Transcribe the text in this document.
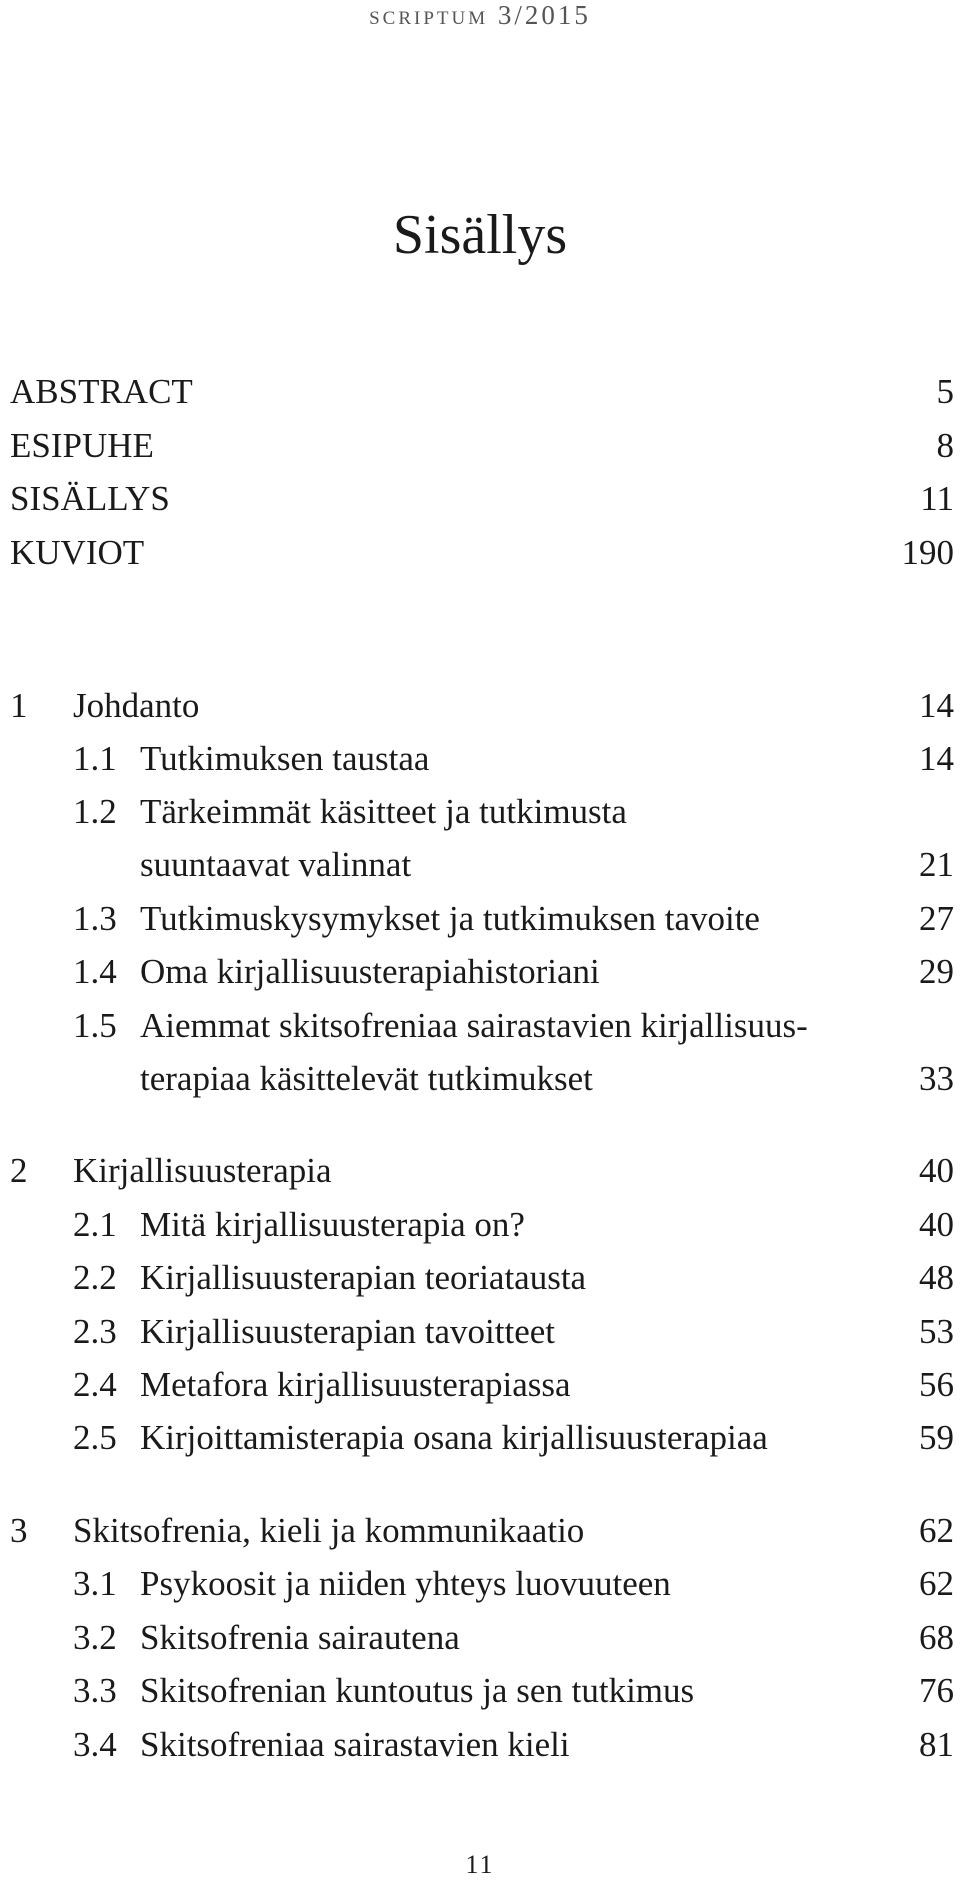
scriptum 3/2015
Sisällys
ABSTRACT	5
ESIPUHE	8
SISÄLLYS	11
KUVIOT	190
1 Johdanto	14
1.1 Tutkimuksen taustaa	14
1.2 Tärkeimmät käsitteet ja tutkimusta
suuntaavat valinnat	21
1.3 Tutkimuskysymykset ja tutkimuksen tavoite	27
1.4 Oma kirjallisuusterapiahistoriani	29
1.5 Aiemmat skitsofreniaa sairastavien kirjallisuus-
terapiaa käsittelevät tutkimukset	33
2 Kirjallisuusterapia	40
2.1 Mitä kirjallisuusterapia on?	40
2.2 Kirjallisuusterapian teoriatausta	48
2.3 Kirjallisuusterapian tavoitteet	53
2.4 Metafora kirjallisuusterapiassa	56
2.5 Kirjoittamisterapia osana kirjallisuusterapiaa	59
3 Skitsofrenia, kieli ja kommunikaatio	62
3.1 Psykoosit ja niiden yhteys luovuuteen	62
3.2 Skitsofrenia sairautena	68
3.3 Skitsofrenian kuntoutus ja sen tutkimus	76
3.4 Skitsofreniaa sairastavien kieli	81
11
